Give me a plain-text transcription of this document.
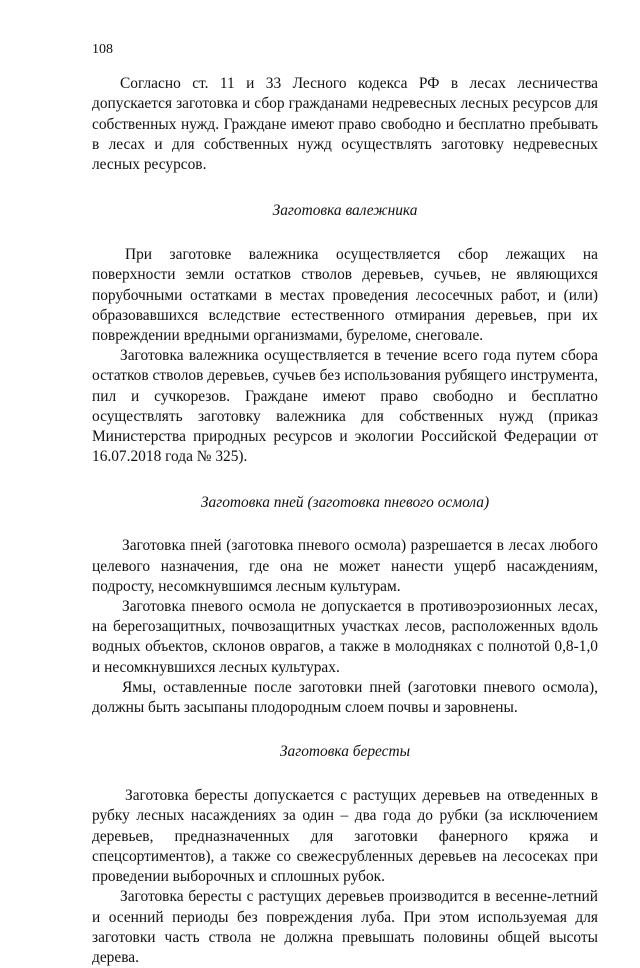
108

Согласно ст. 11 и 33 Лесного кодекса РФ в лесах лесничества допускается заготовка и сбор гражданами недревесных лесных ресурсов для собственных нужд. Граждане имеют право свободно и бесплатно пребывать в лесах и для собственных нужд осуществлять заготовку недревесных лесных ресурсов.

Заготовка валежника

При заготовке валежника осуществляется сбор лежащих на поверхности земли остатков стволов деревьев, сучьев, не являющихся порубочными остатками в местах проведения лесосечных работ, и (или) образовавшихся вследствие естественного отмирания деревьев, при их повреждении вредными организмами, буреломе, снеговале.

Заготовка валежника осуществляется в течение всего года путем сбора остатков стволов деревьев, сучьев без использования рубящего инструмента, пил и сучкорезов. Граждане имеют право свободно и бесплатно осуществлять заготовку валежника для собственных нужд (приказ Министерства природных ресурсов и экологии Российской Федерации от 16.07.2018 года № 325).

Заготовка пней (заготовка пневого осмола)

Заготовка пней (заготовка пневого осмола) разрешается в лесах любого целевого назначения, где она не может нанести ущерб насаждениям, подросту, несомкнувшимся лесным культурам.

Заготовка пневого осмола не допускается в противоэрозионных лесах, на берегозащитных, почвозащитных участках лесов, расположенных вдоль водных объектов, склонов оврагов, а также в молодняках с полнотой 0,8-1,0 и несомкнувшихся лесных культурах.

Ямы, оставленные после заготовки пней (заготовки пневого осмола), должны быть засыпаны плодородным слоем почвы и заровнены.

Заготовка бересты

Заготовка бересты допускается с растущих деревьев на отведенных в рубку лесных насаждениях за один – два года до рубки (за исключением деревьев, предназначенных для заготовки фанерного кряжа и спецсортиментов), а также со свежесрубленных деревьев на лесосеках при проведении выборочных и сплошных рубок.

Заготовка бересты с растущих деревьев производится в весенне-летний и осенний периоды без повреждения луба. При этом используемая для заготовки часть ствола не должна превышать половины общей высоты дерева.
